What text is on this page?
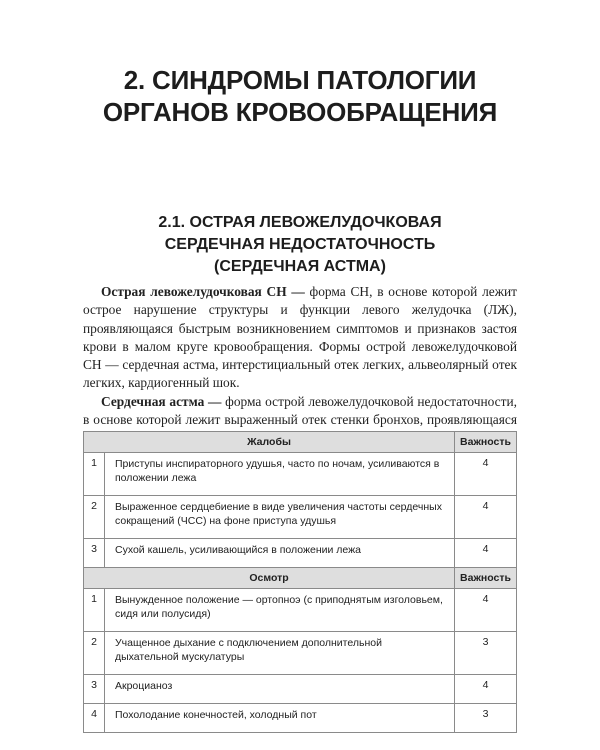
2. СИНДРОМЫ ПАТОЛОГИИ
ОРГАНОВ КРОВООБРАЩЕНИЯ
2.1. ОСТРАЯ ЛЕВОЖЕЛУДОЧКОВАЯ
СЕРДЕЧНАЯ НЕДОСТАТОЧНОСТЬ
(СЕРДЕЧНАЯ АСТМА)

Острая левожелудочковая СН — форма СН, в основе которой лежит острое нарушение структуры и функции левого желудочка (ЛЖ), проявляющаяся быстрым возникновением симптомов и признаков застоя крови в малом круге кровообращения. Формы острой левожелудочковой СН — сердечная астма, интерстициальный отек легких, альвеолярный отек легких, кардиогенный шок.

Сердечная астма — форма острой левожелудочковой недостаточности, в основе которой лежит выраженный отек стенки бронхов, проявляющаяся

Жалобы		Важность
1	Приступы инспираторного удушья, часто по ночам, усиливаются в положении лежа	4
2	Выраженное сердцебиение в виде увеличения частоты сердечных сокращений (ЧСС) на фоне приступа удушья	4
3	Сухой кашель, усиливающийся в положении лежа	4
Осмотр		Важность
1	Вынужденное положение — ортопноэ (с приподнятым изголовьем, сидя или полусидя)	4
2	Учащенное дыхание с подключением дополнительной дыхательной мускулатуры	3
3	Акроцианоз	4
4	Похолодание конечностей, холодный пот	3
